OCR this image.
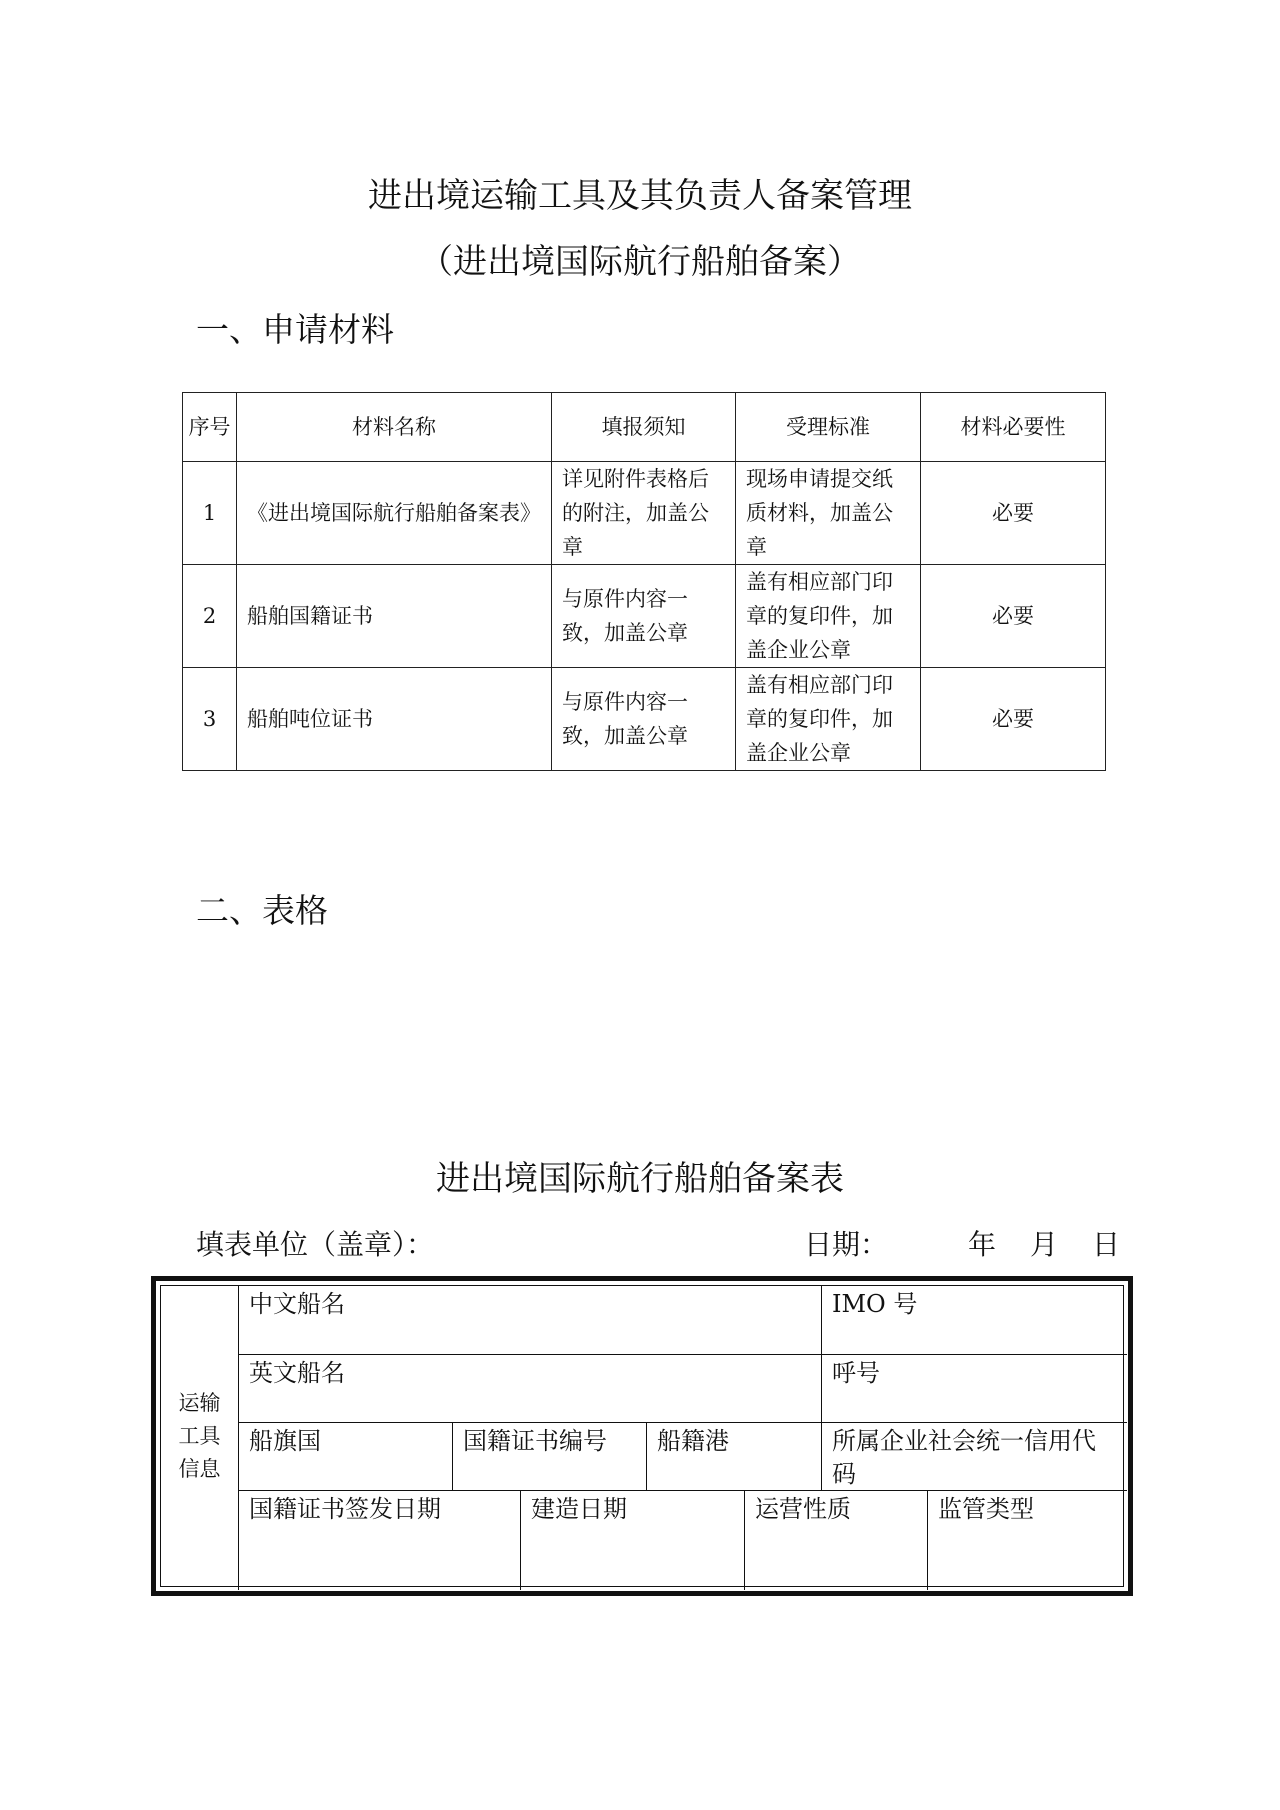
进出境运输工具及其负责人备案管理
（进出境国际航行船舶备案）
一、申请材料
序号	材料名称	填报须知	受理标准	材料必要性
1	《进出境国际航行船舶备案表》	详见附件表格后的附注，加盖公章	现场申请提交纸质材料，加盖公章	必要
2	船舶国籍证书	与原件内容一致，加盖公章	盖有相应部门印章的复印件，加盖企业公章	必要
3	船舶吨位证书	与原件内容一致，加盖公章	盖有相应部门印章的复印件，加盖企业公章	必要
二、表格
进出境国际航行船舶备案表
填表单位（盖章）：	日期：	年 月 日
运输工具信息
中文船名	IMO 号
英文船名	呼号
船旗国	国籍证书编号	船籍港	所属企业社会统一信用代码
国籍证书签发日期	建造日期	运营性质	监管类型
